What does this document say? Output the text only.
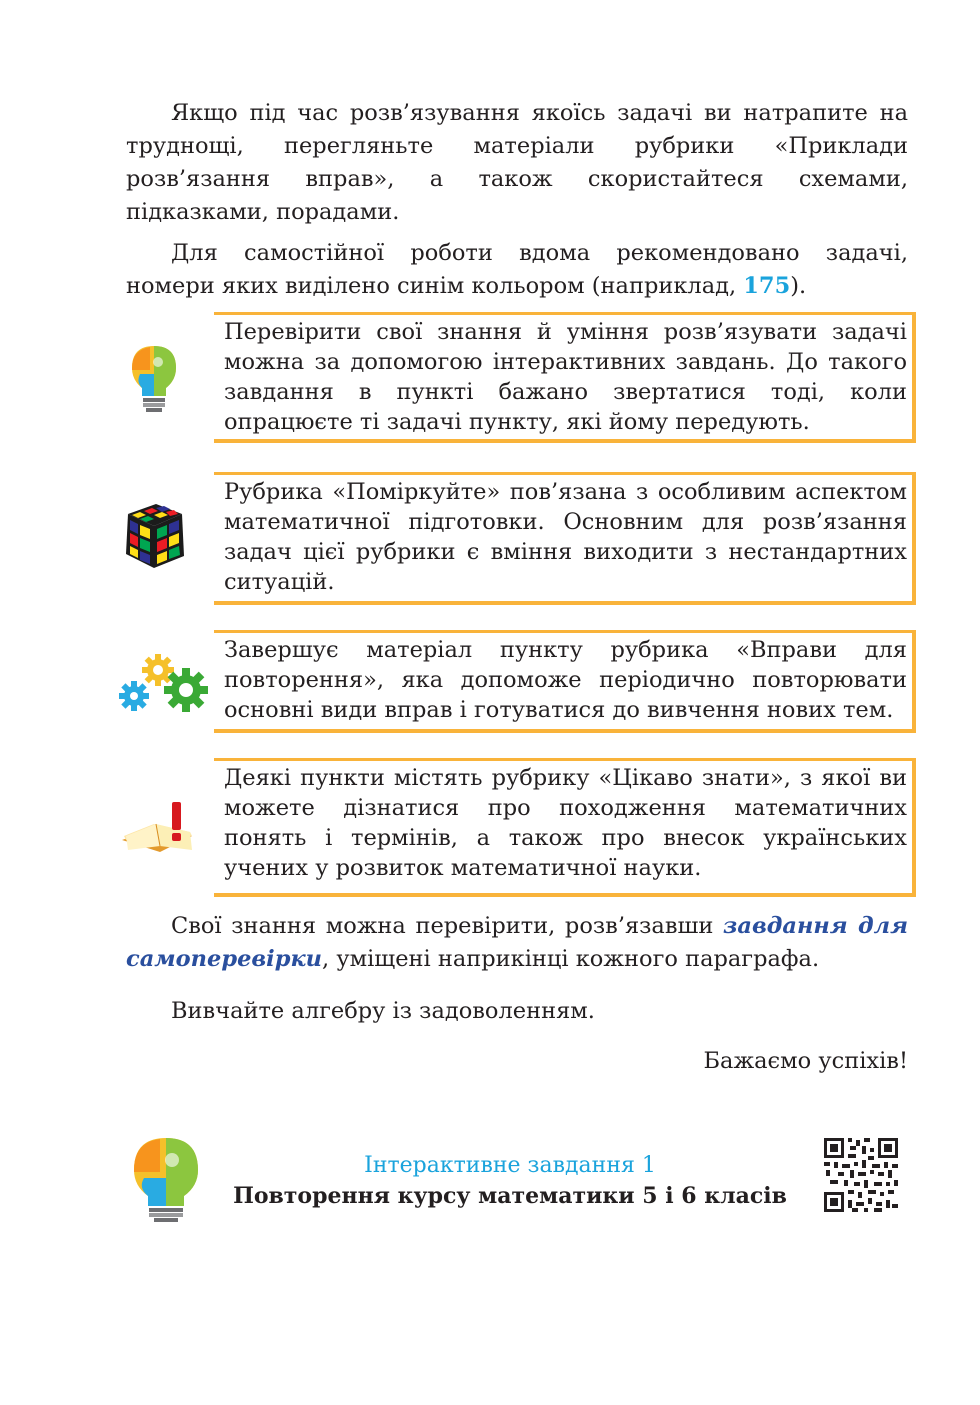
Якщо під час розв’язування якоїсь задачі ви натрапите на труднощі, перегляньте матеріали рубрики «Приклади розв’язання вправ», а також скористайтеся схемами, підказками, порадами.

Для самостійної роботи вдома рекомендовано задачі, номери яких виділено синім кольором (наприклад, 175).

Перевірити свої знання й уміння розв’язувати задачі можна за допомогою інтерактивних завдань. До такого завдання в пункті бажано звертатися тоді, коли опрацюєте ті задачі пункту, які йому передують.
Рубрика «Поміркуйте» пов’язана з особливим аспектом математичної підготовки. Основним для розв’язання задач цієї рубрики є вміння виходити з нестандартних ситуацій.
Завершує матеріал пункту рубрика «Вправи для повторення», яка допоможе періодично повторювати основні види вправ і готуватися до вивчення нових тем.
Деякі пункти містять рубрику «Цікаво знати», з якої ви можете дізнатися про походження математичних понять і термінів, а також про внесок українських учених у розвиток математичної науки.

Свої знання можна перевірити, розв’язавши завдання для самоперевірки, уміщені наприкінці кожного параграфа.

Вивчайте алгебру із задоволенням.

Бажаємо успіхів!

Інтерактивне завдання 1
Повторення курсу математики 5 і 6 класів
